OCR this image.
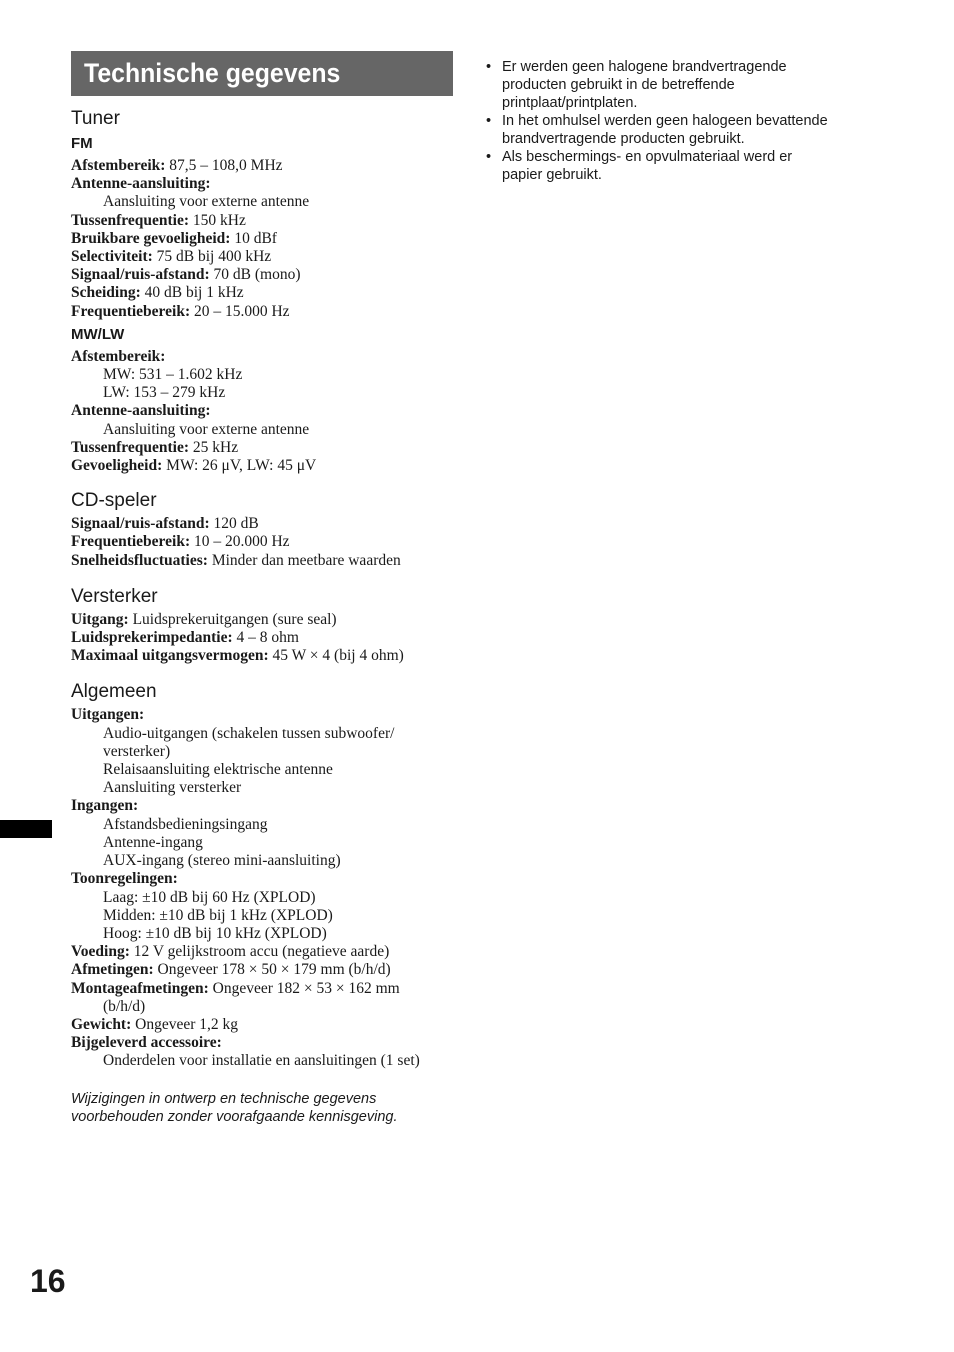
Technische gegevens
Tuner
FM
Afstembereik: 87,5 – 108,0 MHz
Antenne-aansluiting:
Aansluiting voor externe antenne
Tussenfrequentie: 150 kHz
Bruikbare gevoeligheid: 10 dBf
Selectiviteit: 75 dB bij 400 kHz
Signaal/ruis-afstand: 70 dB (mono)
Scheiding: 40 dB bij 1 kHz
Frequentiebereik: 20 – 15.000 Hz
MW/LW
Afstembereik:
MW: 531 – 1.602 kHz
LW: 153 – 279 kHz
Antenne-aansluiting:
Aansluiting voor externe antenne
Tussenfrequentie: 25 kHz
Gevoeligheid: MW: 26 μV, LW: 45 μV
CD-speler
Signaal/ruis-afstand: 120 dB
Frequentiebereik: 10 – 20.000 Hz
Snelheidsfluctuaties: Minder dan meetbare waarden
Versterker
Uitgang: Luidsprekeruitgangen (sure seal)
Luidsprekerimpedantie: 4 – 8 ohm
Maximaal uitgangsvermogen: 45 W × 4 (bij 4 ohm)
Algemeen
Uitgangen:
Audio-uitgangen (schakelen tussen subwoofer/
versterker)
Relaisaansluiting elektrische antenne
Aansluiting versterker
Ingangen:
Afstandsbedieningsingang
Antenne-ingang
AUX-ingang (stereo mini-aansluiting)
Toonregelingen:
Laag: ±10 dB bij 60 Hz (XPLOD)
Midden: ±10 dB bij 1 kHz (XPLOD)
Hoog: ±10 dB bij 10 kHz (XPLOD)
Voeding: 12 V gelijkstroom accu (negatieve aarde)
Afmetingen: Ongeveer 178 × 50 × 179 mm (b/h/d)
Montageafmetingen: Ongeveer 182 × 53 × 162 mm
(b/h/d)
Gewicht: Ongeveer 1,2 kg
Bijgeleverd accessoire:
Onderdelen voor installatie en aansluitingen (1 set)
Wijzigingen in ontwerp en technische gegevens
voorbehouden zonder voorafgaande kennisgeving.
• Er werden geen halogene brandvertragende
producten gebruikt in de betreffende
printplaat/printplaten.
• In het omhulsel werden geen halogeen bevattende
brandvertragende producten gebruikt.
• Als beschermings- en opvulmateriaal werd er
papier gebruikt.
16
